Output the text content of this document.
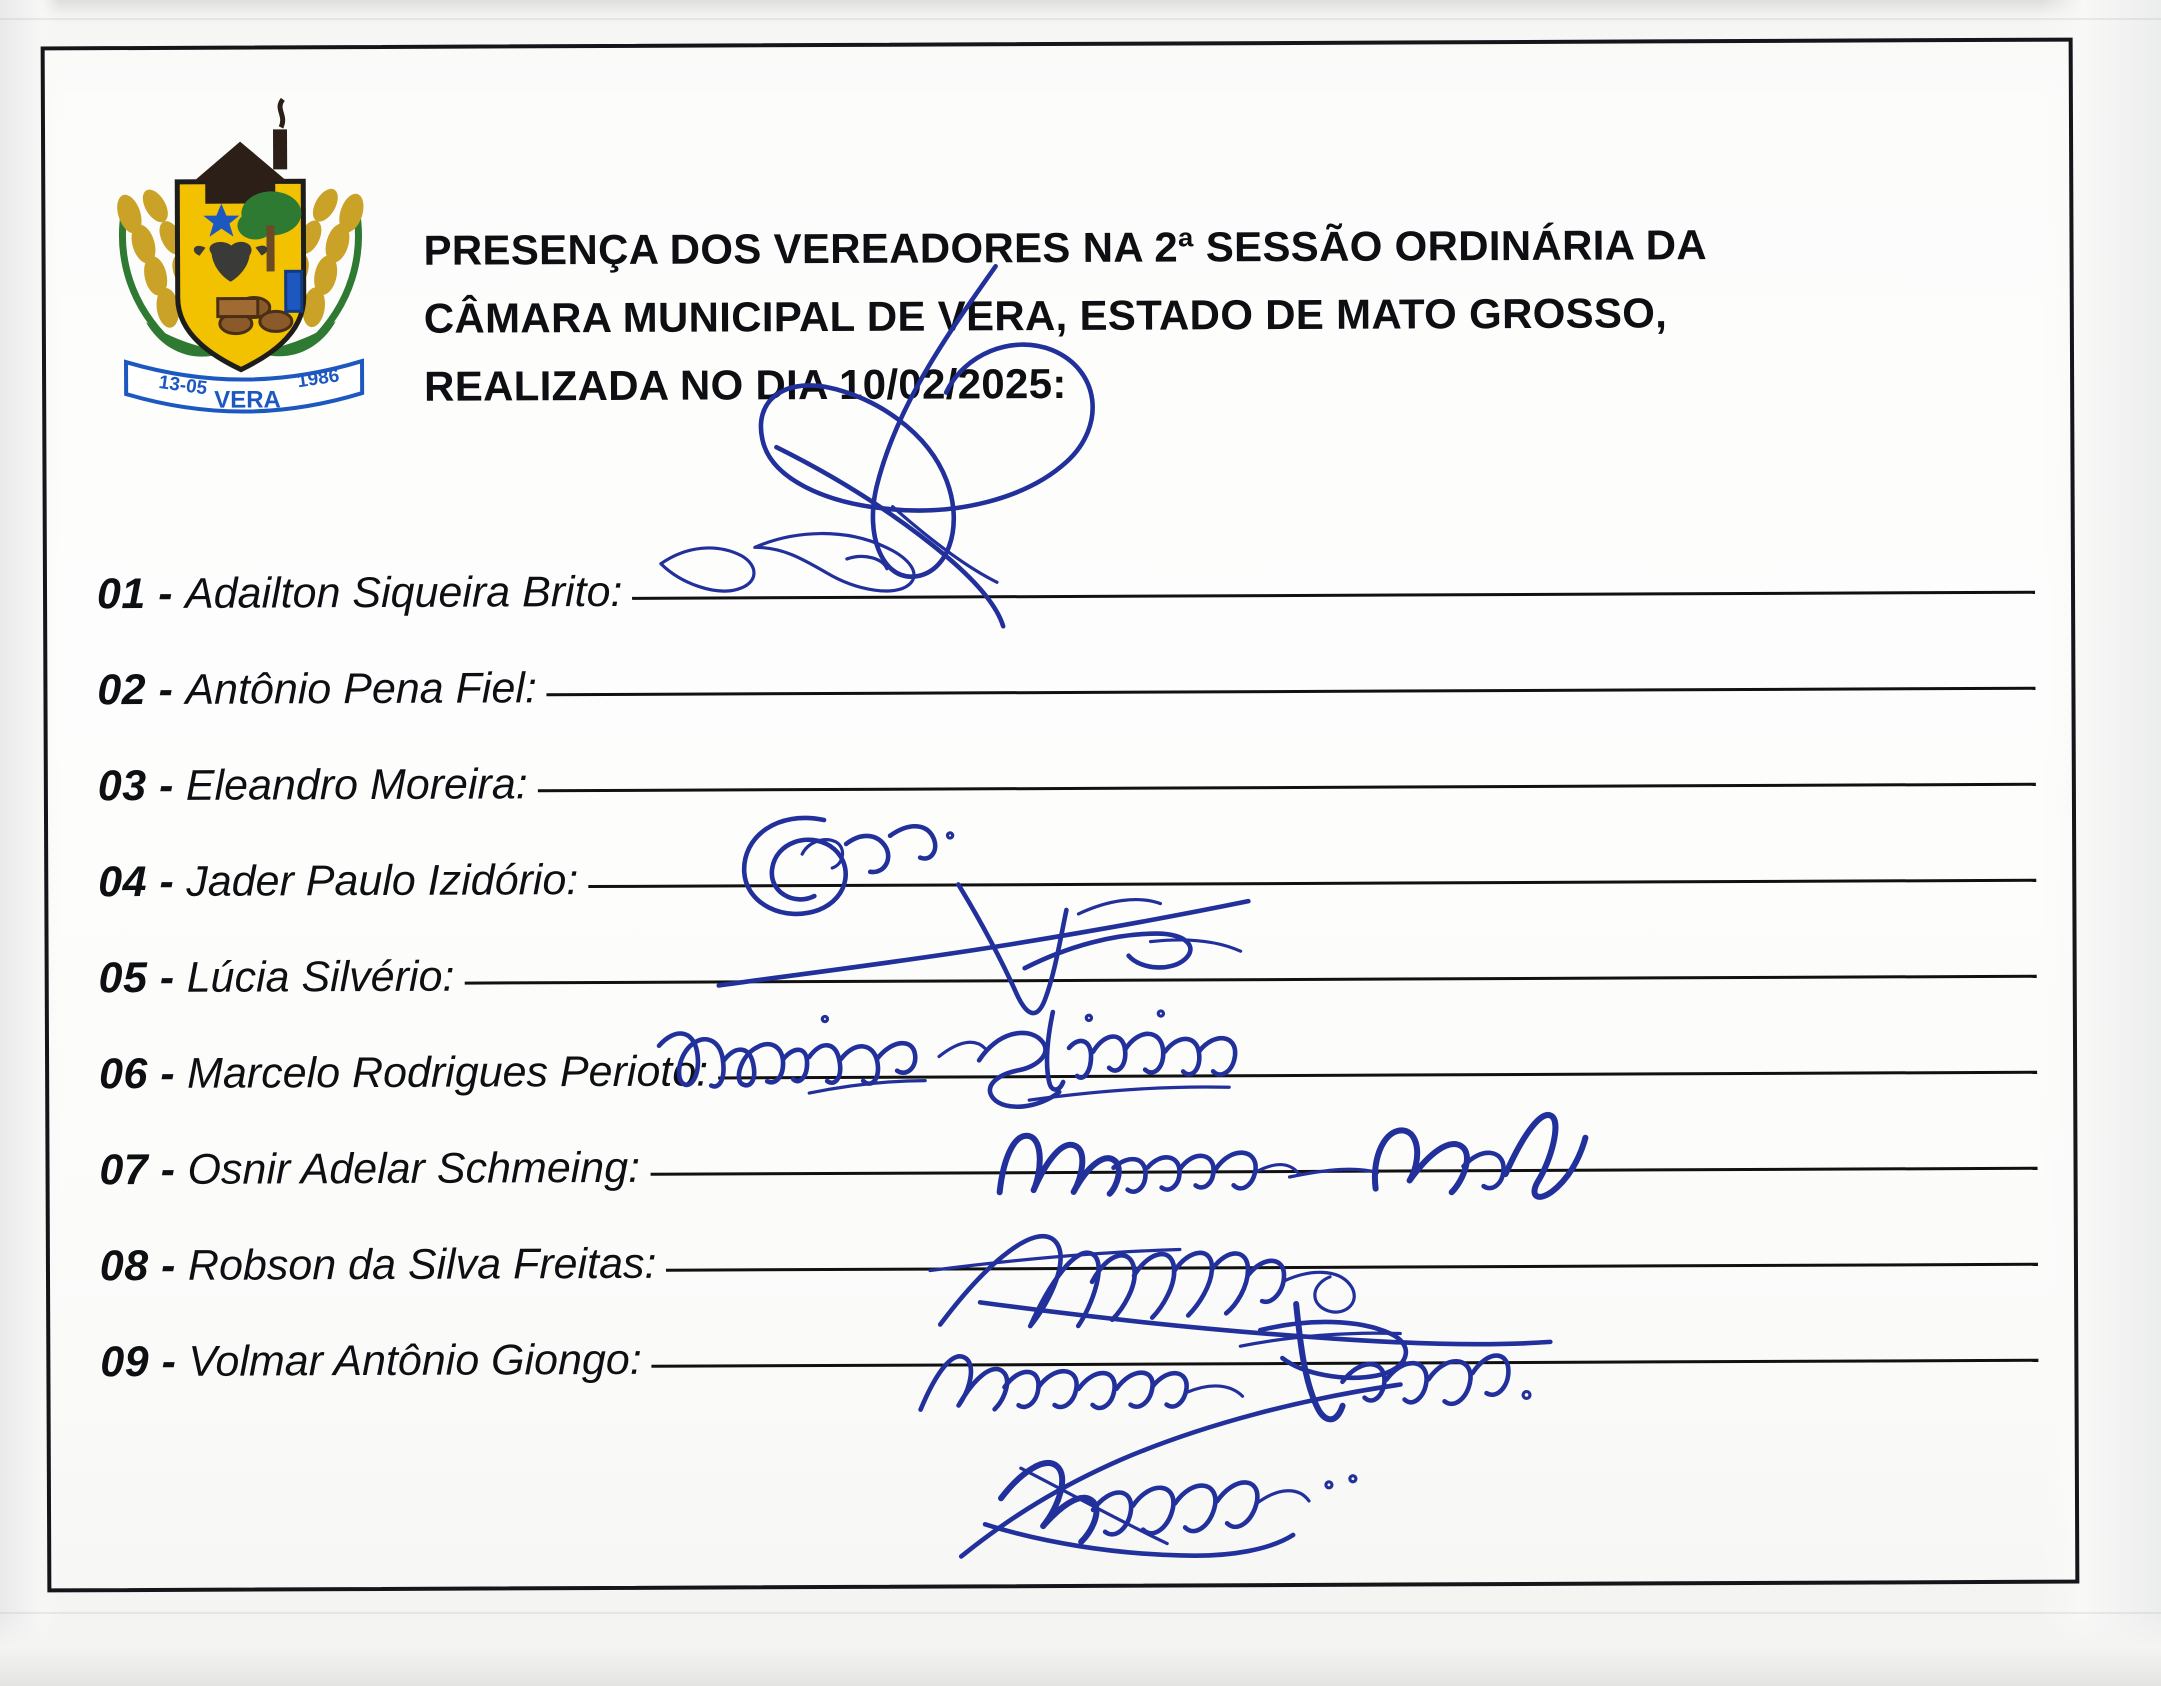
13-05
VERA
1986
PRESENÇA DOS VEREADORES NA 2ª SESSÃO ORDINÁRIA DA
CÂMARA MUNICIPAL DE VERA, ESTADO DE MATO GROSSO,
REALIZADA NO DIA 10/02/2025:
01 - Adailton Siqueira Brito:
02 - Antônio Pena Fiel:
03 - Eleandro Moreira:
04 - Jader Paulo Izidório:
05 - Lúcia Silvério:
06 - Marcelo Rodrigues Perioto:
07 - Osnir Adelar Schmeing:
08 - Robson da Silva Freitas:
09 - Volmar Antônio Giongo:
